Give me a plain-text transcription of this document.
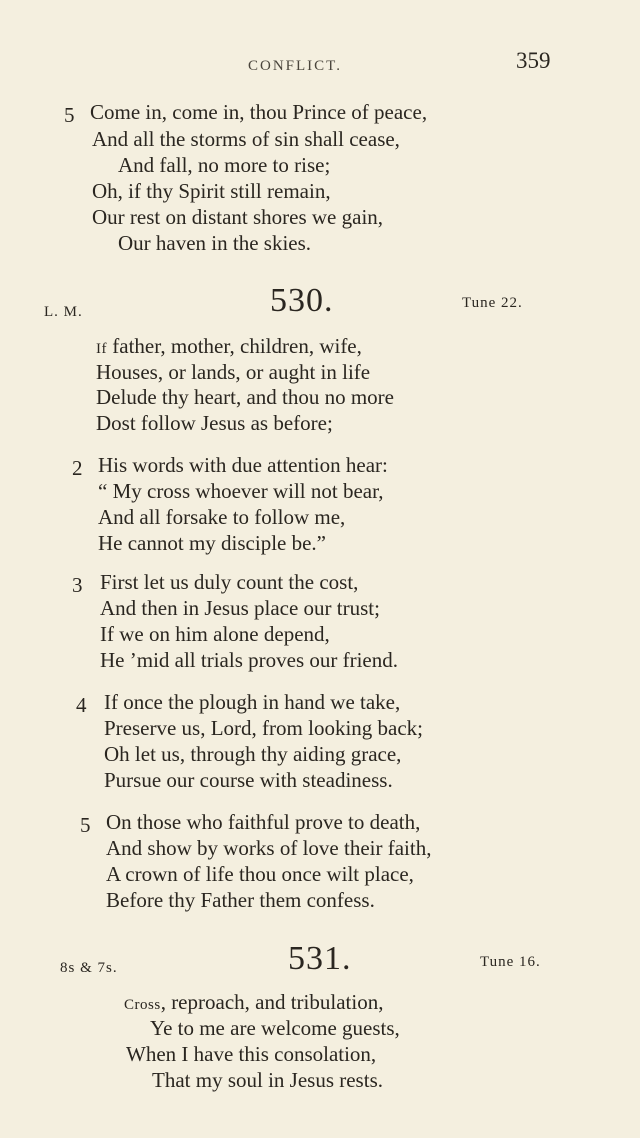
CONFLICT.	359
5 Come in, come in, thou Prince of peace,
And all the storms of sin shall cease,
And fall, no more to rise;
Oh, if thy Spirit still remain,
Our rest on distant shores we gain,
Our haven in the skies.
L. M.	530.	Tune 22.
If father, mother, children, wife,
Houses, or lands, or aught in life
Delude thy heart, and thou no more
Dost follow Jesus as before;
2 His words with due attention hear:
“ My cross whoever will not bear,
And all forsake to follow me,
He cannot my disciple be.”
3 First let us duly count the cost,
And then in Jesus place our trust;
If we on him alone depend,
He ’mid all trials proves our friend.
4 If once the plough in hand we take,
Preserve us, Lord, from looking back;
Oh let us, through thy aiding grace,
Pursue our course with steadiness.
5 On those who faithful prove to death,
And show by works of love their faith,
A crown of life thou once wilt place,
Before thy Father them confess.
8s & 7s.	531.	Tune 16.
Cross, reproach, and tribulation,
Ye to me are welcome guests,
When I have this consolation,
That my soul in Jesus rests.
